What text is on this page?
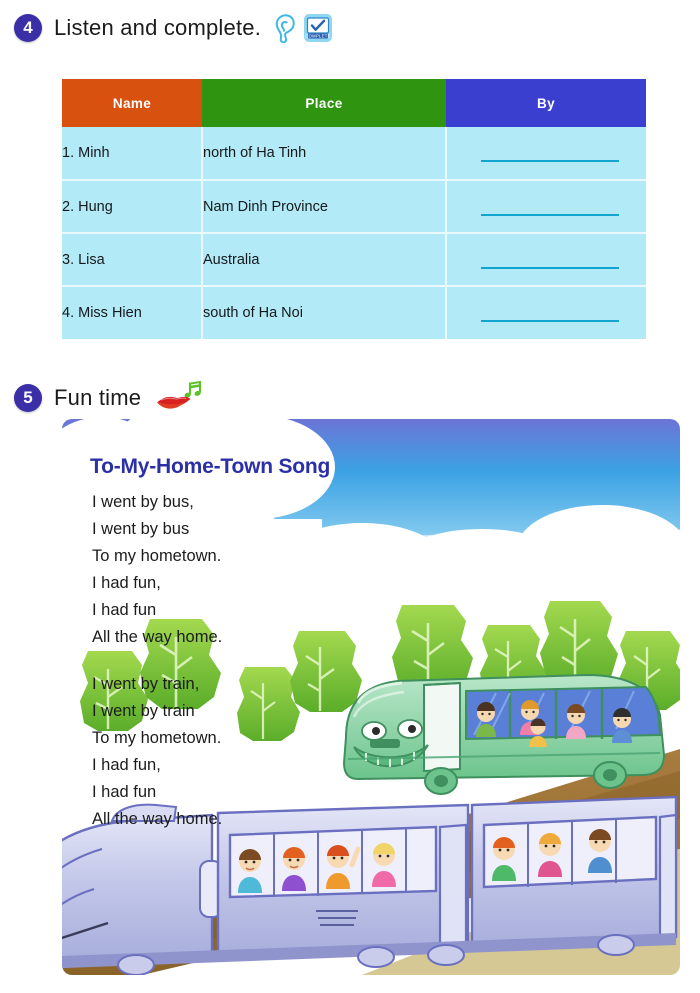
4 Listen and complete.	COMPLETE
Name	Place	By
1. Minh	north of Ha Tinh	
2. Hung	Nam Dinh Province	
3. Lisa	Australia	
4. Miss Hien	south of Ha Noi	
5 Fun time
To-My-Home-Town Song
I went by bus,
I went by bus
To my hometown.
I had fun,
I had fun
All the way home.
I went by train,
I went by train
To my hometown.
I had fun,
I had fun
All the way home.
